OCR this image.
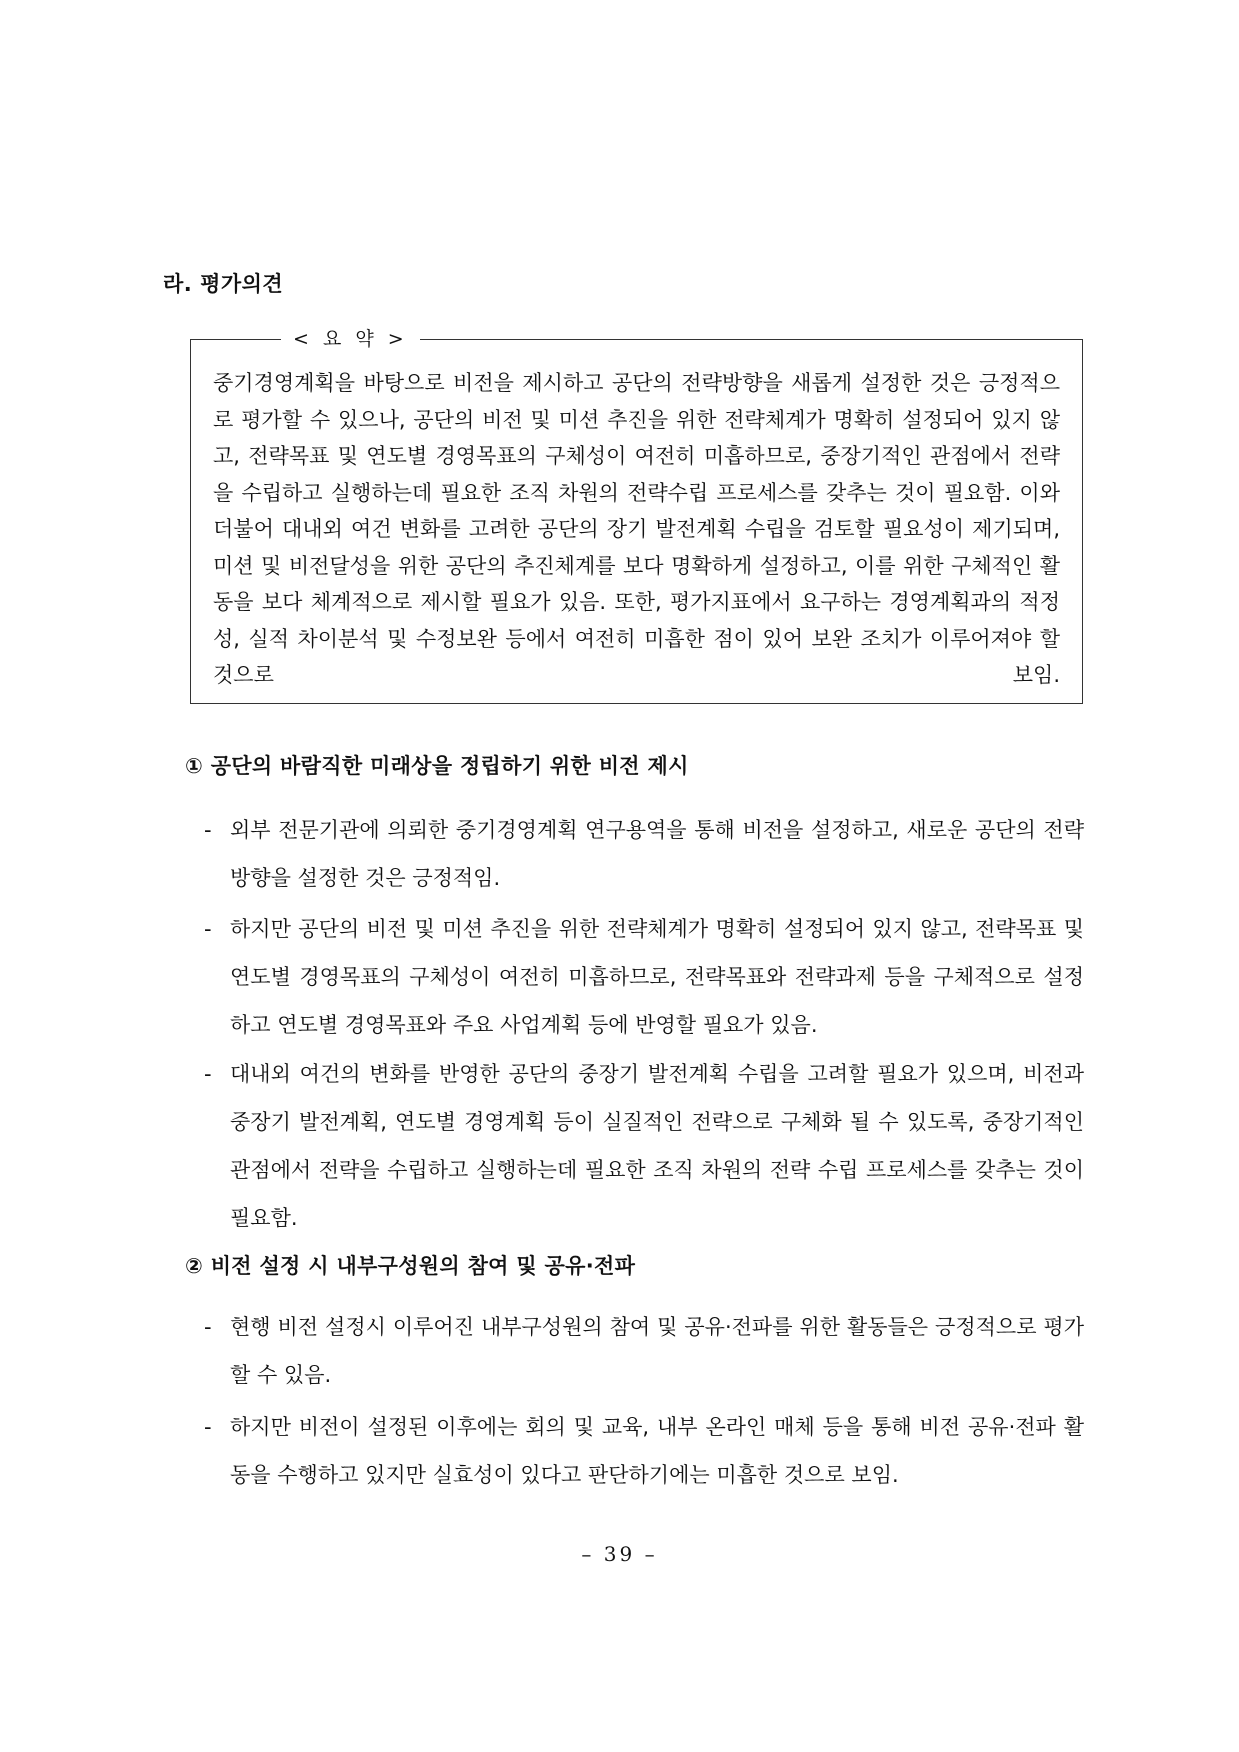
라. 평가의견
< 요 약 >

중기경영계획을 바탕으로 비전을 제시하고 공단의 전략방향을 새롭게 설정한 것은 긍정적으로 평가할 수 있으나, 공단의 비전 및 미션 추진을 위한 전략체계가 명확히 설정되어 있지 않고, 전략목표 및 연도별 경영목표의 구체성이 여전히 미흡하므로, 중장기적인 관점에서 전략을 수립하고 실행하는데 필요한 조직 차원의 전략수립 프로세스를 갖추는 것이 필요함. 이와 더불어 대내외 여건 변화를 고려한 공단의 장기 발전계획 수립을 검토할 필요성이 제기되며, 미션 및 비전달성을 위한 공단의 추진체계를 보다 명확하게 설정하고, 이를 위한 구체적인 활동을 보다 체계적으로 제시할 필요가 있음. 또한, 평가지표에서 요구하는 경영계획과의 적정성, 실적 차이분석 및 수정보완 등에서 여전히 미흡한 점이 있어 보완 조치가 이루어져야 할 것으로 보임.

① 공단의 바람직한 미래상을 정립하기 위한 비전 제시
- 외부 전문기관에 의뢰한 중기경영계획 연구용역을 통해 비전을 설정하고, 새로운 공단의 전략 방향을 설정한 것은 긍정적임.
- 하지만 공단의 비전 및 미션 추진을 위한 전략체계가 명확히 설정되어 있지 않고, 전략목표 및 연도별 경영목표의 구체성이 여전히 미흡하므로, 전략목표와 전략과제 등을 구체적으로 설정하고 연도별 경영목표와 주요 사업계획 등에 반영할 필요가 있음.
- 대내외 여건의 변화를 반영한 공단의 중장기 발전계획 수립을 고려할 필요가 있으며, 비전과 중장기 발전계획, 연도별 경영계획 등이 실질적인 전략으로 구체화 될 수 있도록, 중장기적인 관점에서 전략을 수립하고 실행하는데 필요한 조직 차원의 전략 수립 프로세스를 갖추는 것이 필요함.
② 비전 설정 시 내부구성원의 참여 및 공유·전파
- 현행 비전 설정시 이루어진 내부구성원의 참여 및 공유·전파를 위한 활동들은 긍정적으로 평가할 수 있음.
- 하지만 비전이 설정된 이후에는 회의 및 교육, 내부 온라인 매체 등을 통해 비전 공유·전파 활동을 수행하고 있지만 실효성이 있다고 판단하기에는 미흡한 것으로 보임.
– 39 –
